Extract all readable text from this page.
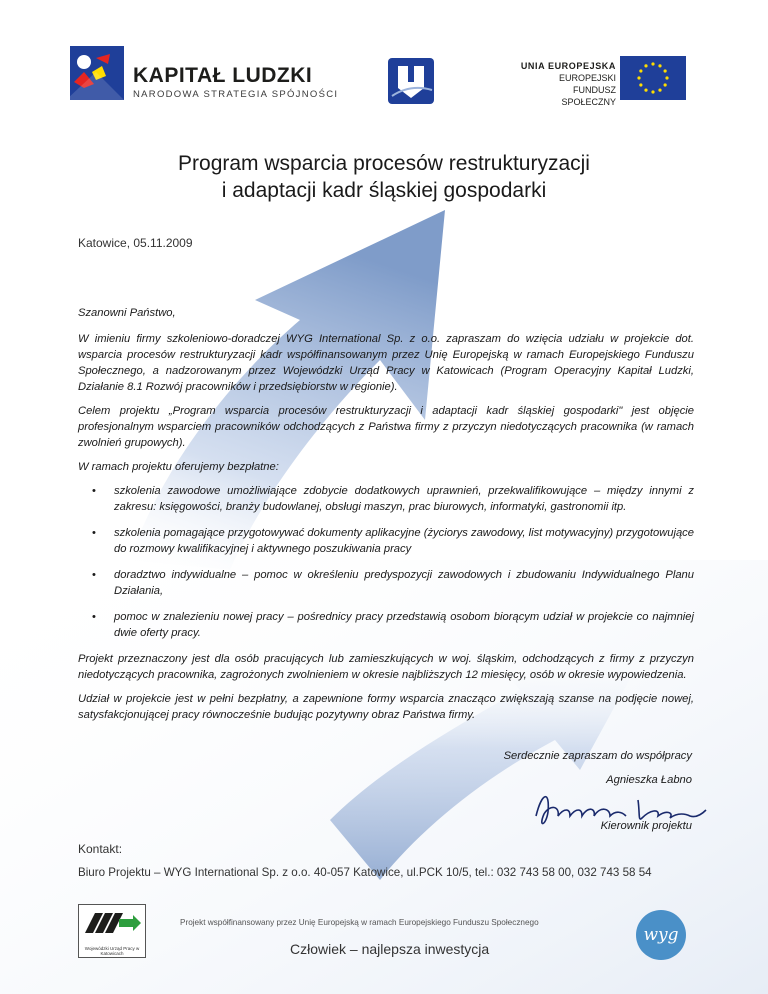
KAPITAŁ LUDZKI
NARODOWA STRATEGIA SPÓJNOŚCI
UNIA EUROPEJSKA
EUROPEJSKI
FUNDUSZ SPOŁECZNY
Program wsparcia procesów restrukturyzacji
i adaptacji kadr śląskiej gospodarki
Katowice, 05.11.2009

Szanowni Państwo,

W imieniu firmy szkoleniowo-doradczej WYG International Sp. z o.o. zapraszam do wzięcia udziału w projekcie dot. wsparcia procesów restrukturyzacji kadr współfinansowanym przez Unię Europejską w ramach Europejskiego Funduszu Społecznego, a nadzorowanym przez Wojewódzki Urząd Pracy w Katowicach (Program Operacyjny Kapitał Ludzki, Działanie 8.1 Rozwój pracowników i przedsiębiorstw w regionie).

Celem projektu „Program wsparcia procesów restrukturyzacji i adaptacji kadr śląskiej gospodarki" jest objęcie profesjonalnym wsparciem pracowników odchodzących z Państwa firmy z przyczyn niedotyczących pracownika (w ramach zwolnień grupowych).

W ramach projektu oferujemy bezpłatne:

• szkolenia zawodowe umożliwiające zdobycie dodatkowych uprawnień, przekwalifikowujące – między innymi z zakresu: księgowości, branży budowlanej, obsługi maszyn, prac biurowych, informatyki, gastronomii itp.
• szkolenia pomagające przygotowywać dokumenty aplikacyjne (życiorys zawodowy, list motywacyjny) przygotowujące do rozmowy kwalifikacyjnej i aktywnego poszukiwania pracy
• doradztwo indywidualne – pomoc w określeniu predyspozycji zawodowych i zbudowaniu Indywidualnego Planu Działania,
• pomoc w znalezieniu nowej pracy – pośrednicy pracy przedstawią osobom biorącym udział w projekcie co najmniej dwie oferty pracy.

Projekt przeznaczony jest dla osób pracujących lub zamieszkujących w woj. śląskim, odchodzących z firmy z przyczyn niedotyczących pracownika, zagrożonych zwolnieniem w okresie najbliższych 12 miesięcy, osób w okresie wypowiedzenia.

Udział w projekcie jest w pełni bezpłatny, a zapewnione formy wsparcia znacząco zwiększają szanse na podjęcie nowej, satysfakcjonującej pracy równocześnie budując pozytywny obraz Państwa firmy.

Serdecznie zapraszam do współpracy
Agnieszka Łabno
Kierownik projektu
Kontakt:
Biuro Projektu – WYG International Sp. z o.o. 40-057 Katowice, ul.PCK 10/5, tel.: 032 743 58 00, 032 743 58 54
Wojewódzki Urząd Pracy w Katowicach
Projekt współfinansowany przez Unię Europejską w ramach Europejskiego Funduszu Społecznego
Człowiek – najlepsza inwestycja
wyg
